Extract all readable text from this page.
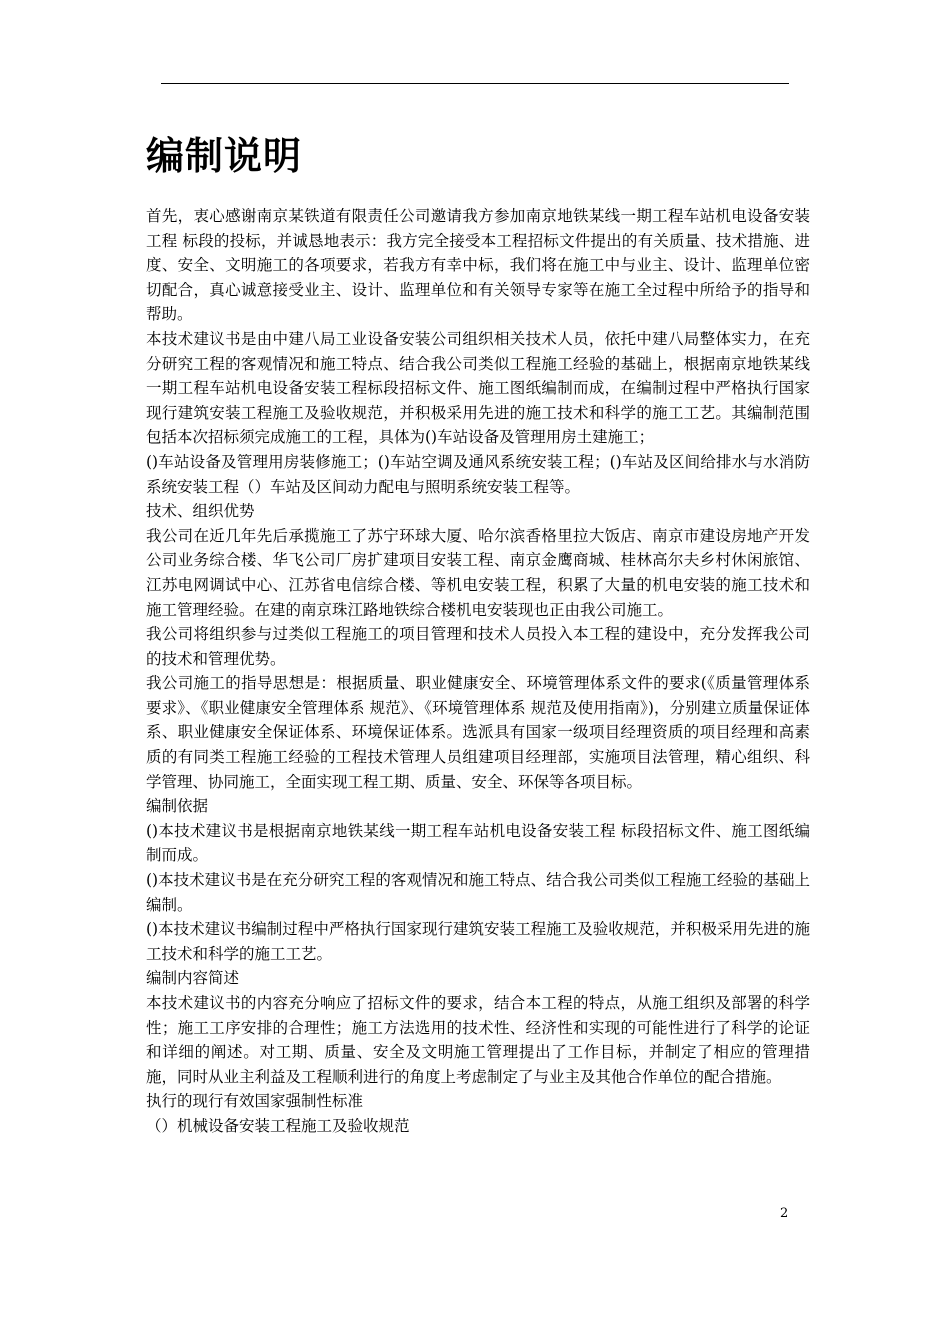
编制说明

首先，衷心感谢南京某铁道有限责任公司邀请我方参加南京地铁某线一期工程车站机电设备安装工程 标段的投标，并诚恳地表示：我方完全接受本工程招标文件提出的有关质量、技术措施、进度、安全、文明施工的各项要求，若我方有幸中标，我们将在施工中与业主、设计、监理单位密切配合，真心诚意接受业主、设计、监理单位和有关领导专家等在施工全过程中所给予的指导和帮助。

本技术建议书是由中建八局工业设备安装公司组织相关技术人员，依托中建八局整体实力，在充分研究工程的客观情况和施工特点、结合我公司类似工程施工经验的基础上，根据南京地铁某线一期工程车站机电设备安装工程标段招标文件、施工图纸编制而成，在编制过程中严格执行国家现行建筑安装工程施工及验收规范，并积极采用先进的施工技术和科学的施工工艺。其编制范围包括本次招标须完成施工的工程，具体为()车站设备及管理用房土建施工；

()车站设备及管理用房装修施工；()车站空调及通风系统安装工程；()车站及区间给排水与水消防系统安装工程（）车站及区间动力配电与照明系统安装工程等。

技术、组织优势

我公司在近几年先后承揽施工了苏宁环球大厦、哈尔滨香格里拉大饭店、南京市建设房地产开发公司业务综合楼、华飞公司厂房扩建项目安装工程、南京金鹰商城、桂林高尔夫乡村休闲旅馆、江苏电网调试中心、江苏省电信综合楼、等机电安装工程，积累了大量的机电安装的施工技术和施工管理经验。在建的南京珠江路地铁综合楼机电安装现也正由我公司施工。

我公司将组织参与过类似工程施工的项目管理和技术人员投入本工程的建设中，充分发挥我公司的技术和管理优势。

我公司施工的指导思想是：根据质量、职业健康安全、环境管理体系文件的要求(《质量管理体系 要求》、《职业健康安全管理体系 规范》、《环境管理体系 规范及使用指南》)，分别建立质量保证体系、职业健康安全保证体系、环境保证体系。选派具有国家一级项目经理资质的项目经理和高素质的有同类工程施工经验的工程技术管理人员组建项目经理部，实施项目法管理，精心组织、科学管理、协同施工，全面实现工程工期、质量、安全、环保等各项目标。

编制依据

()本技术建议书是根据南京地铁某线一期工程车站机电设备安装工程 标段招标文件、施工图纸编制而成。

()本技术建议书是在充分研究工程的客观情况和施工特点、结合我公司类似工程施工经验的基础上编制。

()本技术建议书编制过程中严格执行国家现行建筑安装工程施工及验收规范，并积极采用先进的施工技术和科学的施工工艺。

编制内容简述

本技术建议书的内容充分响应了招标文件的要求，结合本工程的特点，从施工组织及部署的科学性；施工工序安排的合理性；施工方法选用的技术性、经济性和实现的可能性进行了科学的论证和详细的阐述。对工期、质量、安全及文明施工管理提出了工作目标，并制定了相应的管理措施，同时从业主利益及工程顺利进行的角度上考虑制定了与业主及其他合作单位的配合措施。

执行的现行有效国家强制性标准

（）机械设备安装工程施工及验收规范

2
